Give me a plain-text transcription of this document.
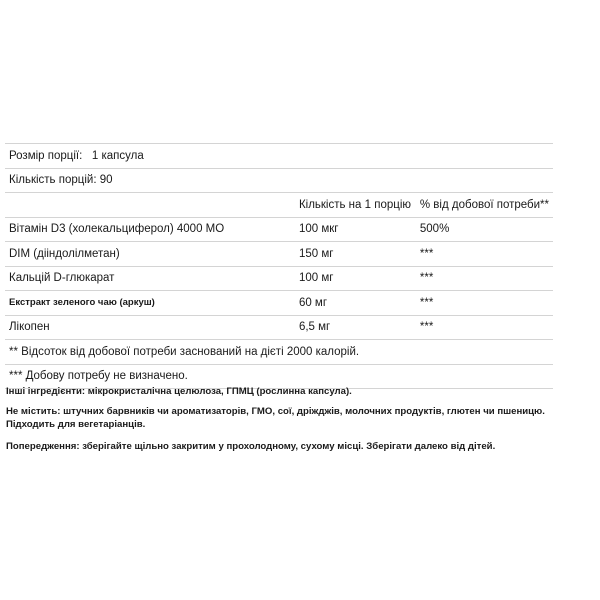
Розмір порції: 1 капсула		
Кількість порцій: 90		
	Кількість на 1 порцію	% від добової потреби**
Вітамін D3 (холекальциферол) 4000 МО	100 мкг	500%
DIM (дііндолілметан)	150 мг	***
Кальцій D-глюкарат	100 мг	***
Екстракт зеленого чаю (аркуш)	60 мг	***
Лікопен	6,5 мг	***
** Відсоток від добової потреби заснований на дієті 2000 калорій.		
*** Добову потребу не визначено.		
Інші інгредієнти: мікрокристалічна целюлоза, ГПМЦ (рослинна капсула).
Не містить: штучних барвників чи ароматизаторів, ГМО, сої, дріжджів, молочних продуктів, глютен чи пшеницю. Підходить для вегетаріанців.
Попередження: зберігайте щільно закритим у прохолодному, сухому місці. Зберігати далеко від дітей.
